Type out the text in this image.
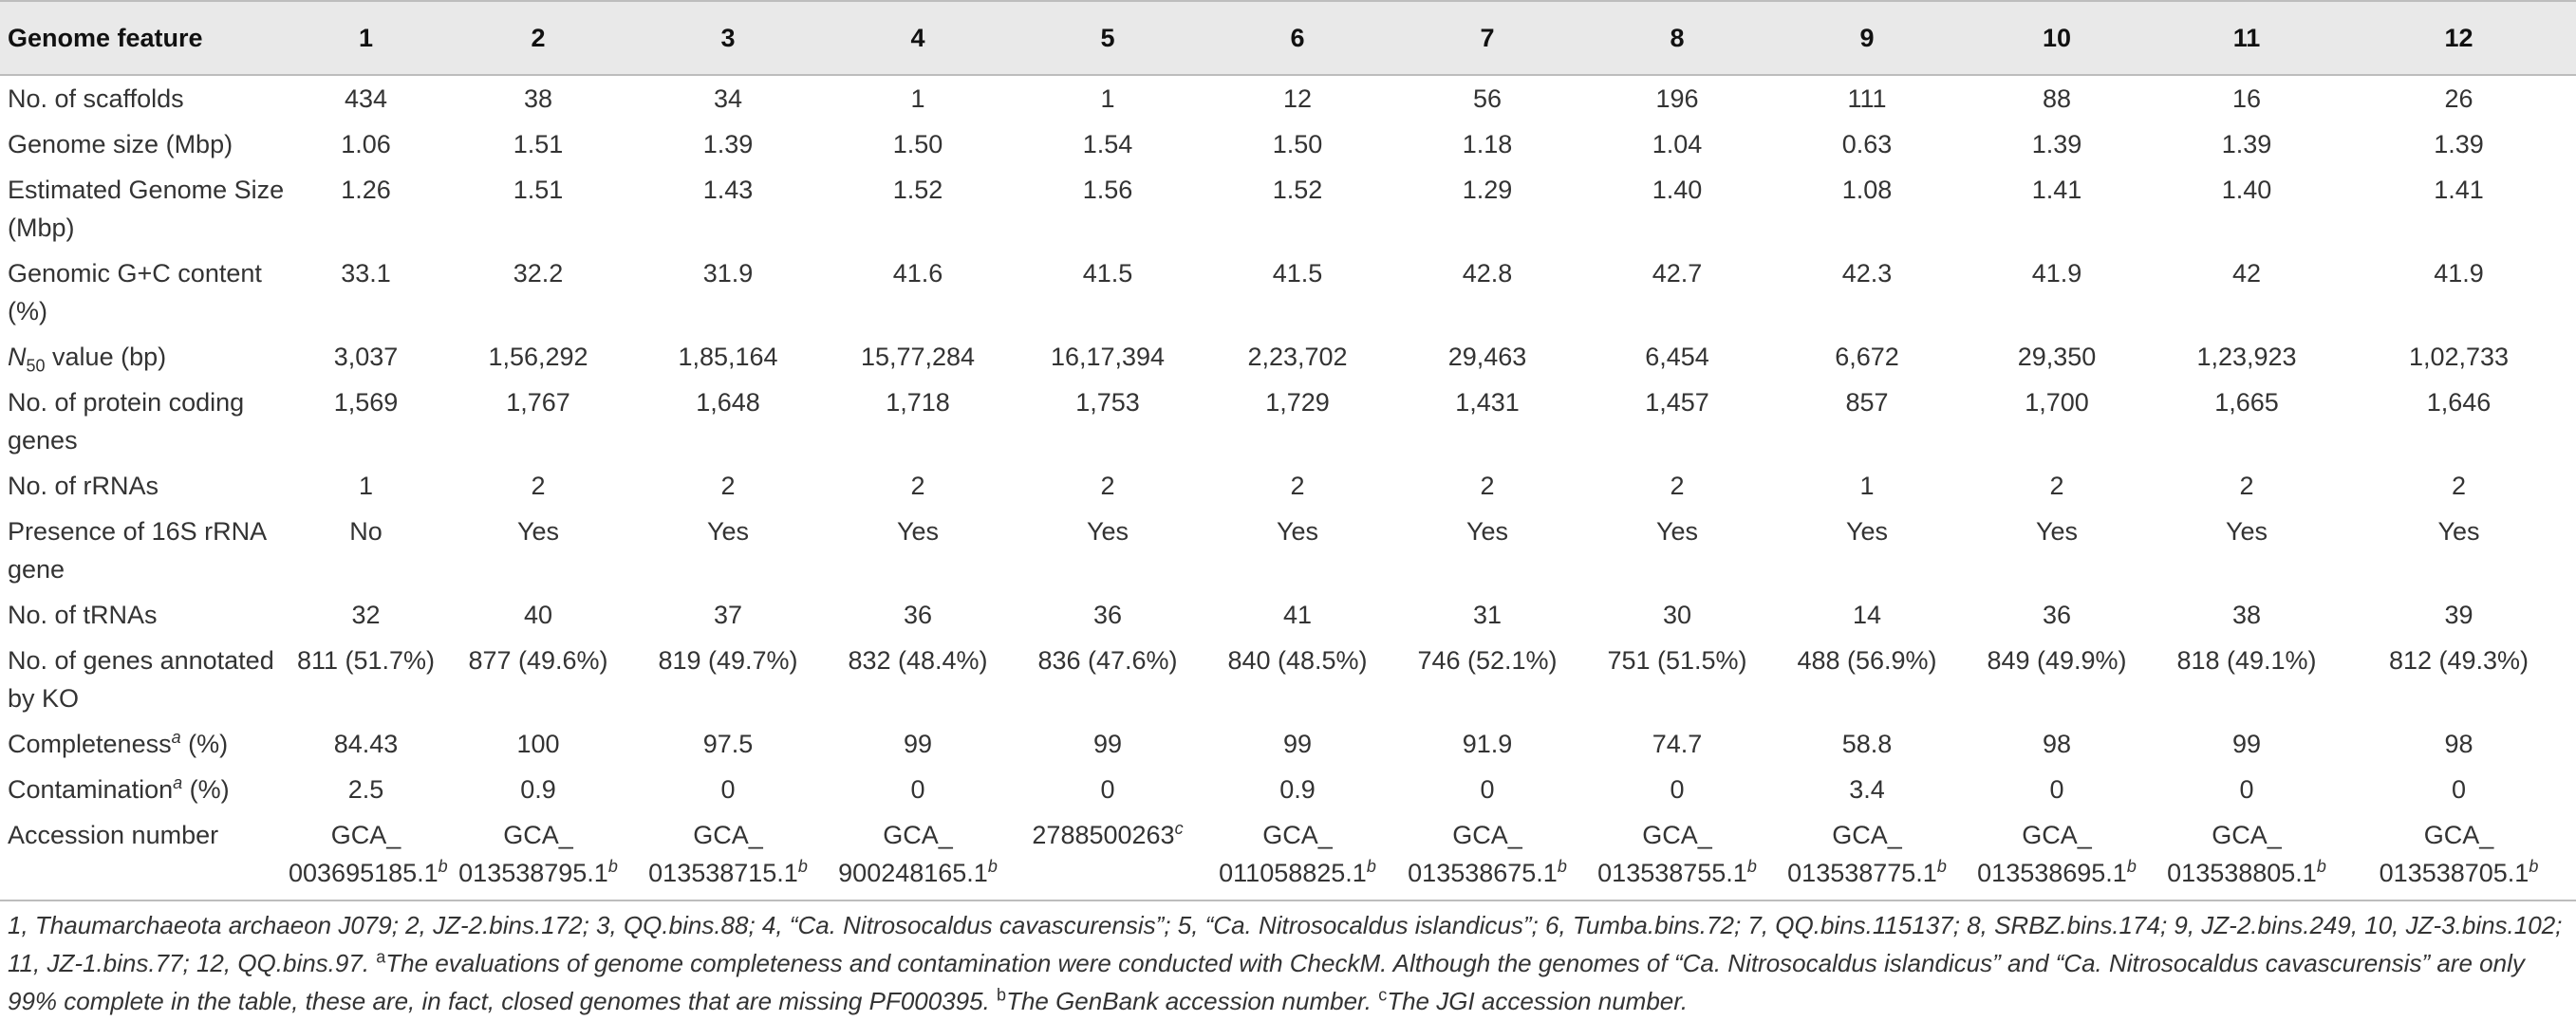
Genome feature	1	2	3	4	5	6	7	8	9	10	11	12
No. of scaffolds	434	38	34	1	1	12	56	196	111	88	16	26
Genome size (Mbp)	1.06	1.51	1.39	1.50	1.54	1.50	1.18	1.04	0.63	1.39	1.39	1.39
Estimated Genome Size (Mbp)	1.26	1.51	1.43	1.52	1.56	1.52	1.29	1.40	1.08	1.41	1.40	1.41
Genomic G+C content (%)	33.1	32.2	31.9	41.6	41.5	41.5	42.8	42.7	42.3	41.9	42	41.9
$N_{50}$ value (bp)	3,037	1,56,292	1,85,164	15,77,284	16,17,394	2,23,702	29,463	6,454	6,672	29,350	1,23,923	1,02,733
No. of protein coding genes	1,569	1,767	1,648	1,718	1,753	1,729	1,431	1,457	857	1,700	1,665	1,646
No. of rRNAs	1	2	2	2	2	2	2	2	1	2	2	2
Presence of 16S rRNA gene	No	Yes	Yes	Yes	Yes	Yes	Yes	Yes	Yes	Yes	Yes	Yes
No. of tRNAs	32	40	37	36	36	41	31	30	14	36	38	39
No. of genes annotated by KO	811 (51.7%)	877 (49.6%)	819 (49.7%)	832 (48.4%)	836 (47.6%)	840 (48.5%)	746 (52.1%)	751 (51.5%)	488 (56.9%)	849 (49.9%)	818 (49.1%)	812 (49.3%)
Completeness$^a$ (%)	84.43	100	97.5	99	99	99	91.9	74.7	58.8	98	99	98
Contamination$^a$ (%)	2.5	0.9	0	0	0	0.9	0	0	3.4	0	0	0
Accession number	GCA_ 003695185.1$^b$	GCA_ 013538795.1$^b$	GCA_ 013538715.1$^b$	GCA_ 900248165.1$^b$	2788500263$^c$	GCA_ 011058825.1$^b$	GCA_ 013538675.1$^b$	GCA_ 013538755.1$^b$	GCA_ 013538775.1$^b$	GCA_ 013538695.1$^b$	GCA_ 013538805.1$^b$	GCA_ 013538705.1$^b$
1, Thaumarchaeota archaeon J079; 2, JZ-2.bins.172; 3, QQ.bins.88; 4, “Ca. Nitrosocaldus cavascurensis”; 5, “Ca. Nitrosocaldus islandicus”; 6, Tumba.bins.72; 7, QQ.bins.115137; 8, SRBZ.bins.174; 9, JZ-2.bins.249, 10, JZ-3.bins.102; 11, JZ-1.bins.77; 12, QQ.bins.97. $^a$The evaluations of genome completeness and contamination were conducted with CheckM. Although the genomes of “Ca. Nitrosocaldus islandicus” and “Ca. Nitrosocaldus cavascurensis” are only 99% complete in the table, these are, in fact, closed genomes that are missing PF000395. $^b$The GenBank accession number. $^c$The JGI accession number.
